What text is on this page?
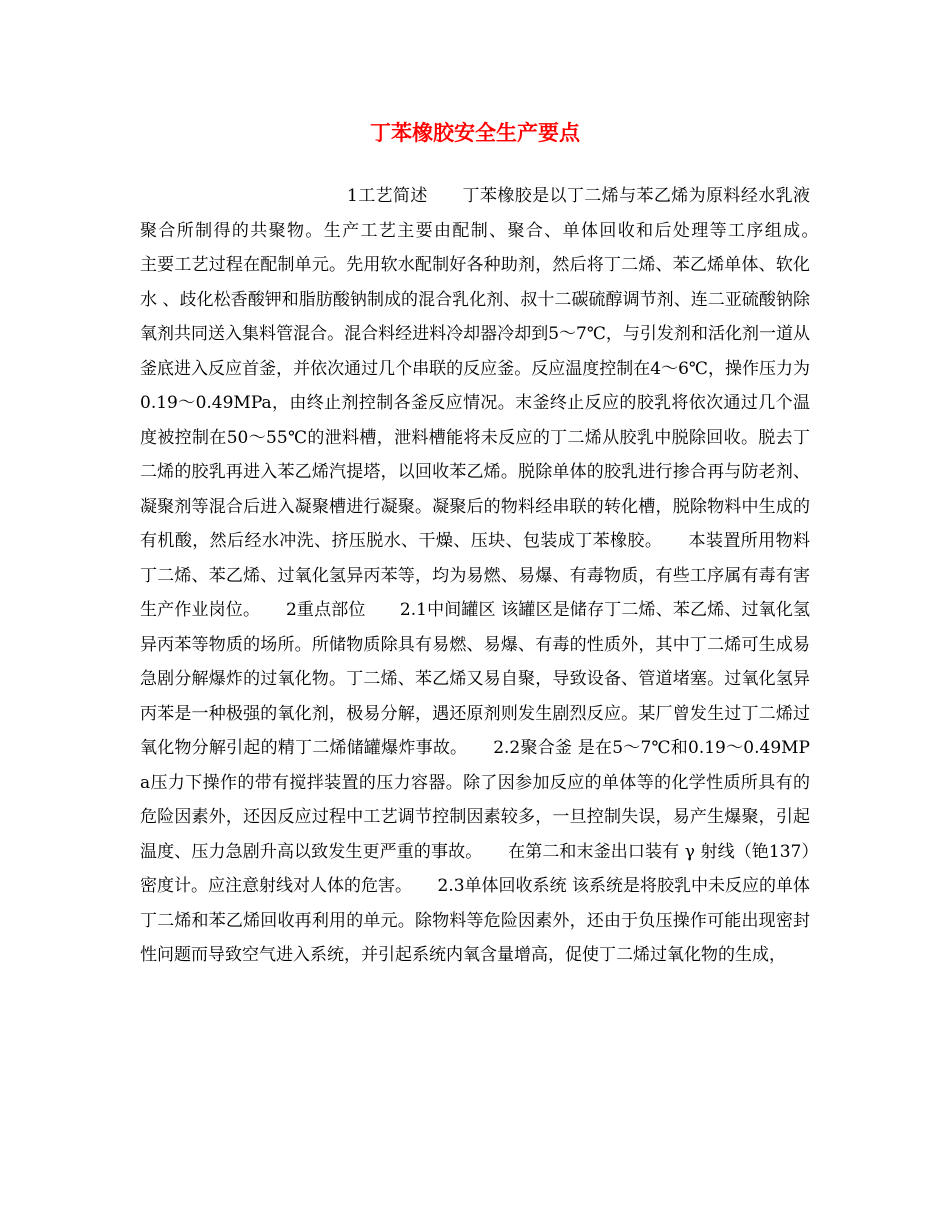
丁苯橡胶安全生产要点

1工艺简述　　丁苯橡胶是以丁二烯与苯乙烯为原料经水乳液聚合所制得的共聚物。生产工艺主要由配制、聚合、单体回收和后处理等工序组成。　　主要工艺过程在配制单元。先用软水配制好各种助剂，然后将丁二烯、苯乙烯单体、软化水 、歧化松香酸钾和脂肪酸钠制成的混合乳化剂、叔十二碳硫醇调节剂、连二亚硫酸钠除氧剂共同送入集料管混合。混合料经进料冷却器冷却到5～7℃，与引发剂和活化剂一道从釜底进入反应首釜，并依次通过几个串联的反应釜。反应温度控制在4～6℃，操作压力为0.19～0.49MPa，由终止剂控制各釜反应情况。末釜终止反应的胶乳将依次通过几个温度被控制在50～55℃的泄料槽，泄料槽能将未反应的丁二烯从胶乳中脱除回收。脱去丁二烯的胶乳再进入苯乙烯汽提塔，以回收苯乙烯。脱除单体的胶乳进行掺合再与防老剂、凝聚剂等混合后进入凝聚槽进行凝聚。凝聚后的物料经串联的转化槽，脱除物料中生成的有机酸，然后经水冲洗、挤压脱水、干燥、压块、包装成丁苯橡胶。　　本装置所用物料丁二烯、苯乙烯、过氧化氢异丙苯等，均为易燃、易爆、有毒物质，有些工序属有毒有害生产作业岗位。　　2重点部位　　2.1中间罐区 该罐区是储存丁二烯、苯乙烯、过氧化氢异丙苯等物质的场所。所储物质除具有易燃、易爆、有毒的性质外，其中丁二烯可生成易急剧分解爆炸的过氧化物。丁二烯、苯乙烯又易自聚，导致设备、管道堵塞。过氧化氢异丙苯是一种极强的氧化剂，极易分解，遇还原剂则发生剧烈反应。某厂曾发生过丁二烯过氧化物分解引起的精丁二烯储罐爆炸事故。　　2.2聚合釜 是在5～7℃和0.19～0.49MPa压力下操作的带有搅拌装置的压力容器。除了因参加反应的单体等的化学性质所具有的危险因素外，还因反应过程中工艺调节控制因素较多，一旦控制失误，易产生爆聚，引起温度、压力急剧升高以致发生更严重的事故。　　在第二和末釜出口装有 γ 射线（铯137）密度计。应注意射线对人体的危害。　　2.3单体回收系统 该系统是将胶乳中未反应的单体丁二烯和苯乙烯回收再利用的单元。除物料等危险因素外，还由于负压操作可能出现密封性问题而导致空气进入系统，并引起系统内氧含量增高，促使丁二烯过氧化物的生成，
